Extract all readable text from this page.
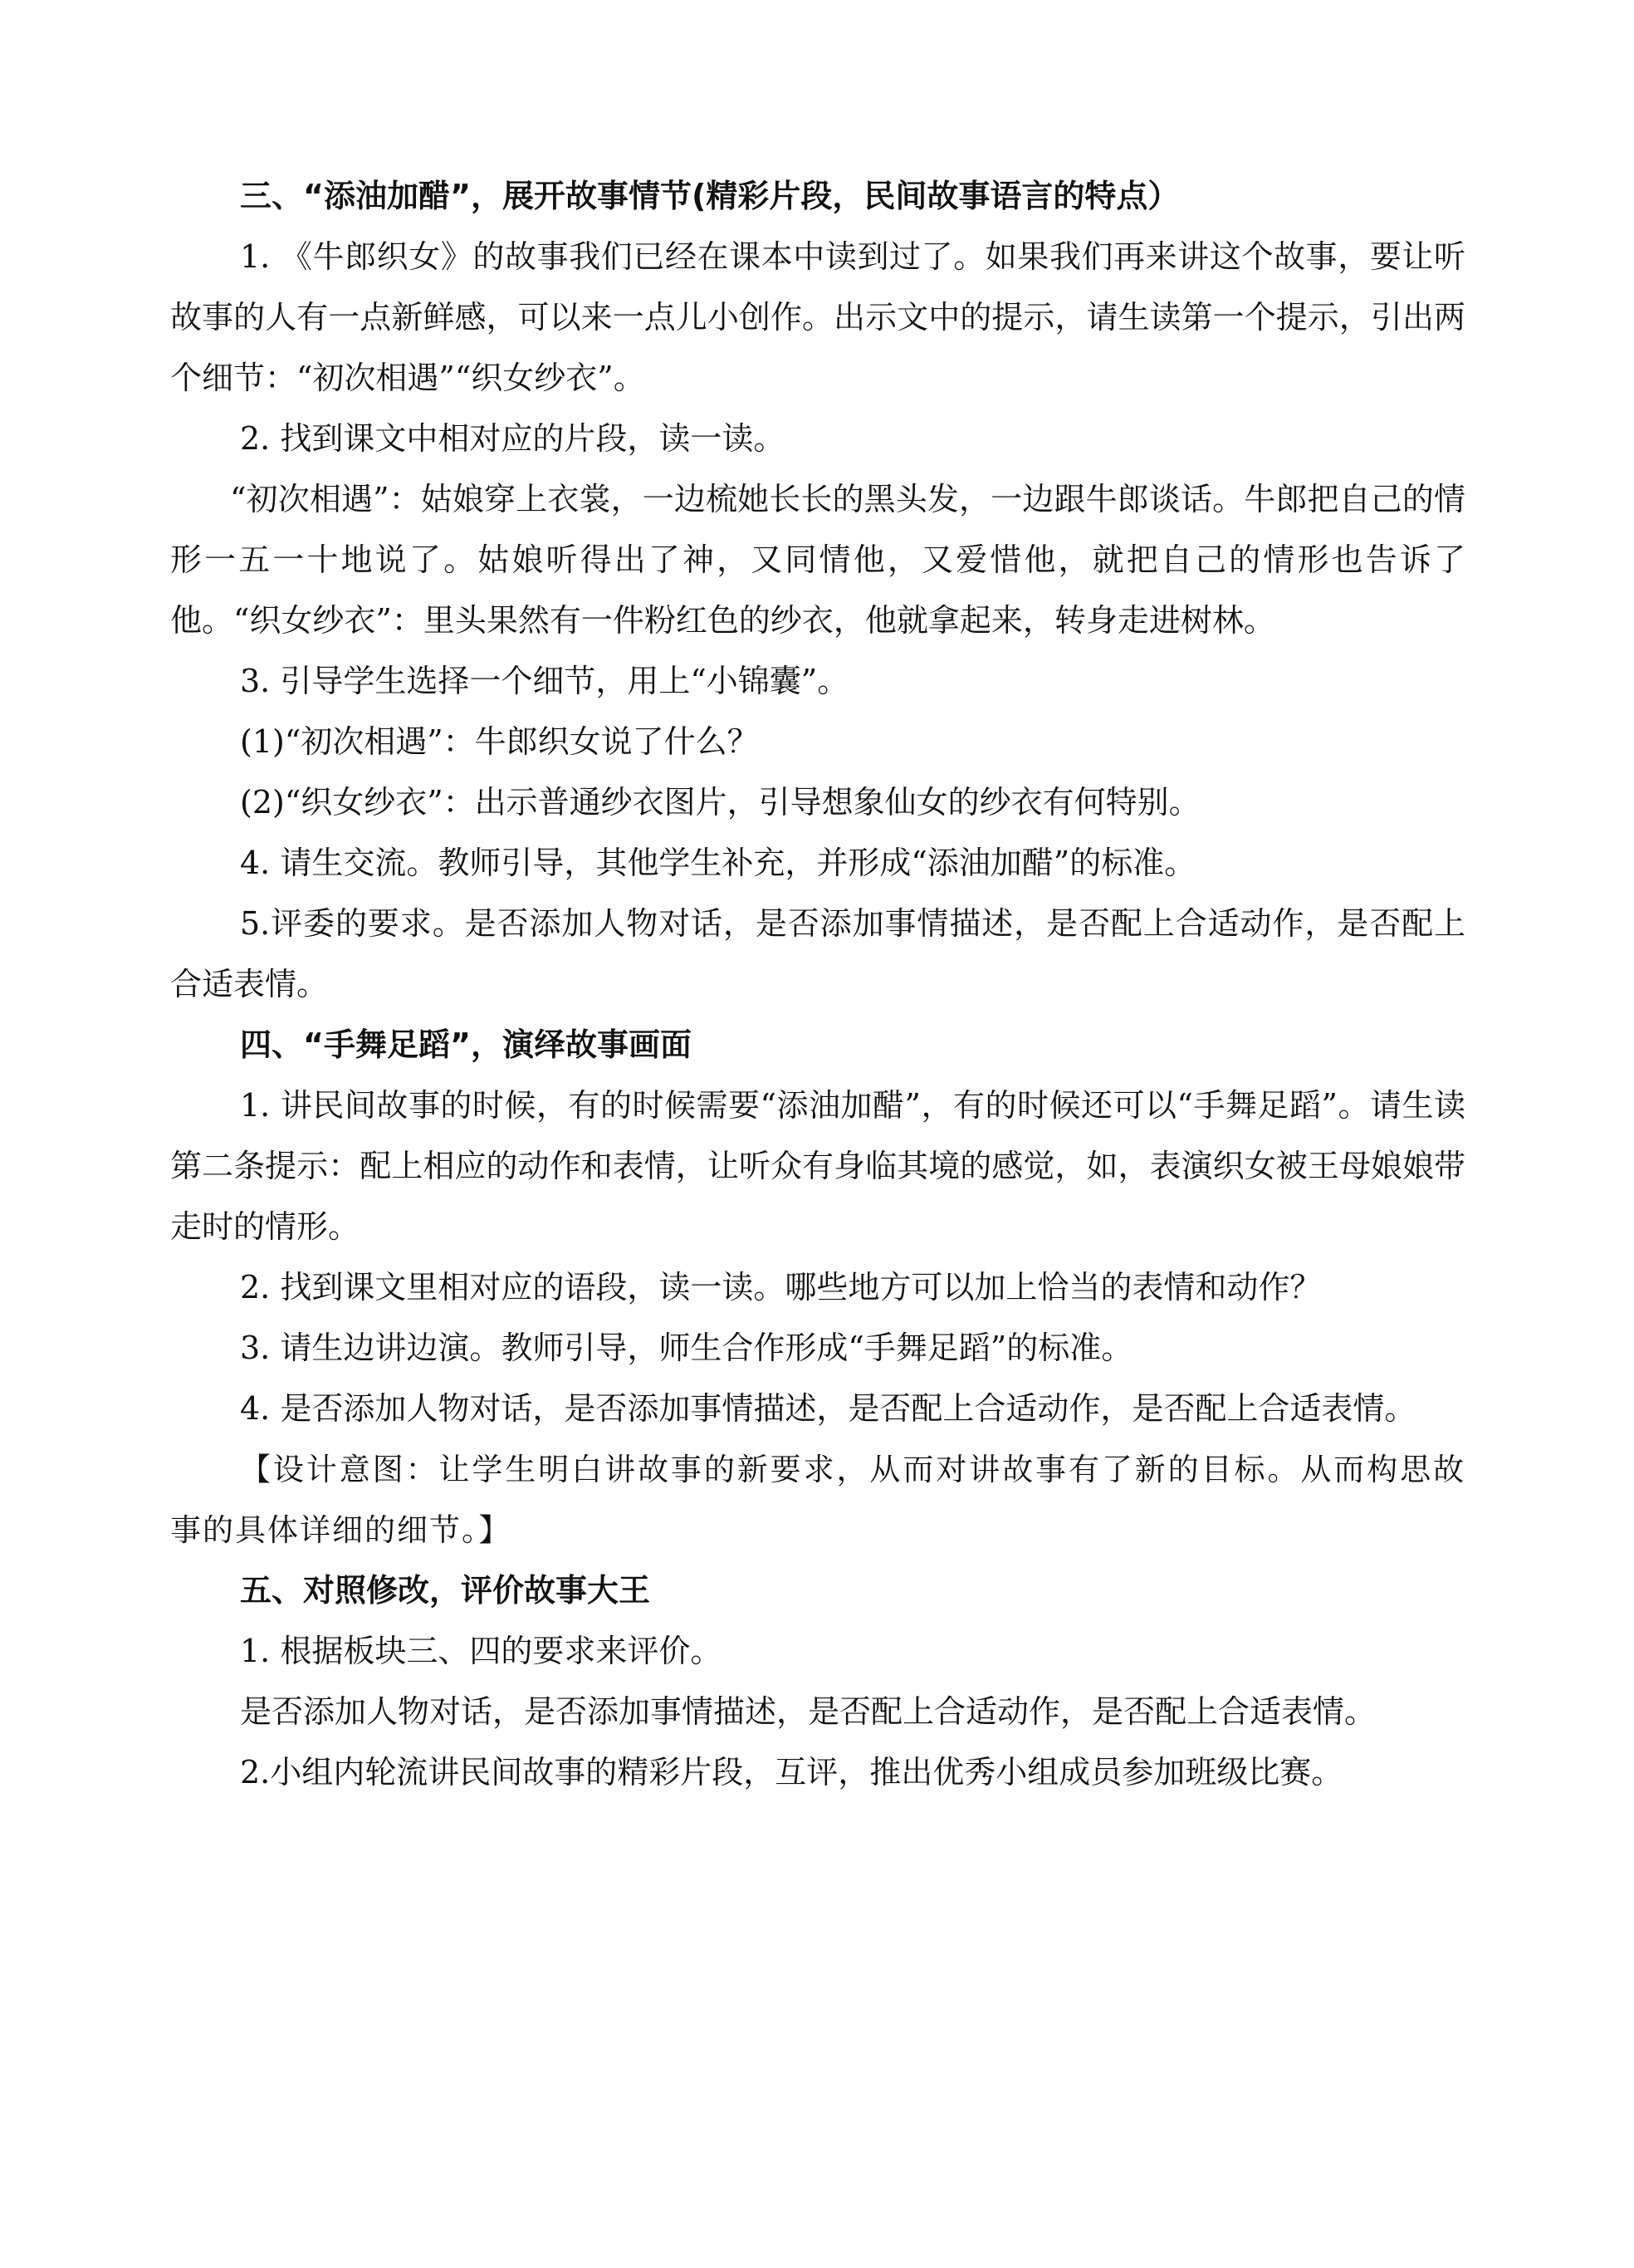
三、“添油加醋”，展开故事情节(精彩片段，民间故事语言的特点）

1. 《牛郎织女》的故事我们已经在课本中读到过了。如果我们再来讲这个故事，要让听故事的人有一点新鲜感，可以来一点儿小创作。出示文中的提示，请生读第一个提示，引出两个细节：“初次相遇”“织女纱衣”。

2. 找到课文中相对应的片段，读一读。

“初次相遇”：姑娘穿上衣裳，一边梳她长长的黑头发，一边跟牛郎谈话。牛郎把自己的情形一五一十地说了。姑娘听得出了神，又同情他，又爱惜他，就把自己的情形也告诉了他。“织女纱衣”：里头果然有一件粉红色的纱衣，他就拿起来，转身走进树林。

3. 引导学生选择一个细节，用上“小锦囊”。

(1)“初次相遇”：牛郎织女说了什么？

(2)“织女纱衣”：出示普通纱衣图片，引导想象仙女的纱衣有何特别。

4. 请生交流。教师引导，其他学生补充，并形成“添油加醋”的标准。

5.评委的要求。是否添加人物对话，是否添加事情描述，是否配上合适动作，是否配上合适表情。

四、“手舞足蹈”，演绎故事画面

1. 讲民间故事的时候，有的时候需要“添油加醋”，有的时候还可以“手舞足蹈”。请生读第二条提示：配上相应的动作和表情，让听众有身临其境的感觉，如，表演织女被王母娘娘带走时的情形。

2. 找到课文里相对应的语段，读一读。哪些地方可以加上恰当的表情和动作？

3. 请生边讲边演。教师引导，师生合作形成“手舞足蹈”的标准。

4. 是否添加人物对话，是否添加事情描述，是否配上合适动作，是否配上合适表情。

【设计意图：让学生明白讲故事的新要求，从而对讲故事有了新的目标。从而构思故事的具体详细的细节。】

五、对照修改，评价故事大王

1. 根据板块三、四的要求来评价。

是否添加人物对话，是否添加事情描述，是否配上合适动作，是否配上合适表情。

2.小组内轮流讲民间故事的精彩片段，互评，推出优秀小组成员参加班级比赛。
